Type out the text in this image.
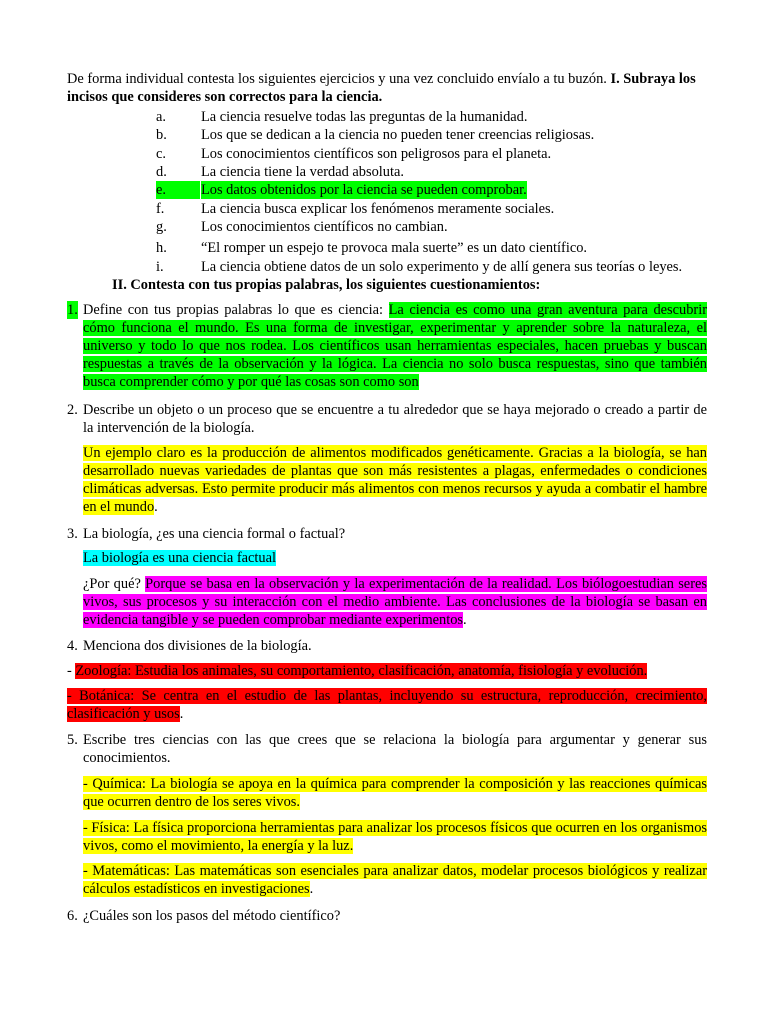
De forma individual contesta los siguientes ejercicios y una vez concluido envíalo a tu buzón. I. Subraya los incisos que consideres son correctos para la ciencia.
a.	La ciencia resuelve todas las preguntas de la humanidad.
b.	Los que se dedican a la ciencia no pueden tener creencias religiosas.
c.	Los conocimientos científicos son peligrosos para el planeta.
d.	La ciencia tiene la verdad absoluta.
e.	Los datos obtenidos por la ciencia se pueden comprobar.
f.	La ciencia busca explicar los fenómenos meramente sociales.
g.	Los conocimientos científicos no cambian.
h.	“El romper un espejo te provoca mala suerte” es un dato científico.
i.	La ciencia obtiene datos de un solo experimento y de allí genera sus teorías o leyes.
II. Contesta con tus propias palabras, los siguientes cuestionamientos:
1. Define con tus propias palabras lo que es ciencia: La ciencia es como una gran aventura para descubrir cómo funciona el mundo. Es una forma de investigar, experimentar y aprender sobre la naturaleza, el universo y todo lo que nos rodea. Los científicos usan herramientas especiales, hacen pruebas y buscan respuestas a través de la observación y la lógica. La ciencia no solo busca respuestas, sino que también busca comprender cómo y por qué las cosas son como son
2. Describe un objeto o un proceso que se encuentre a tu alrededor que se haya mejorado o creado a partir de la intervención de la biología.
Un ejemplo claro es la producción de alimentos modificados genéticamente. Gracias a la biología, se han desarrollado nuevas variedades de plantas que son más resistentes a plagas, enfermedades o condiciones climáticas adversas. Esto permite producir más alimentos con menos recursos y ayuda a combatir el hambre en el mundo.
3. La biología, ¿es una ciencia formal o factual?
La biología es una ciencia factual
¿Por qué? Porque se basa en la observación y la experimentación de la realidad. Los biólogoestudian seres vivos, sus procesos y su interacción con el medio ambiente. Las conclusiones de la biología se basan en evidencia tangible y se pueden comprobar mediante experimentos.
4. Menciona dos divisiones de la biología.
- Zoología: Estudia los animales, su comportamiento, clasificación, anatomía, fisiología y evolución.
- Botánica: Se centra en el estudio de las plantas, incluyendo su estructura, reproducción, crecimiento, clasificación y usos.
5. Escribe tres ciencias con las que crees que se relaciona la biología para argumentar y generar sus conocimientos.
- Química: La biología se apoya en la química para comprender la composición y las reacciones químicas que ocurren dentro de los seres vivos.
- Física: La física proporciona herramientas para analizar los procesos físicos que ocurren en los organismos vivos, como el movimiento, la energía y la luz.
- Matemáticas: Las matemáticas son esenciales para analizar datos, modelar procesos biológicos y realizar cálculos estadísticos en investigaciones.
6. ¿Cuáles son los pasos del método científico?
